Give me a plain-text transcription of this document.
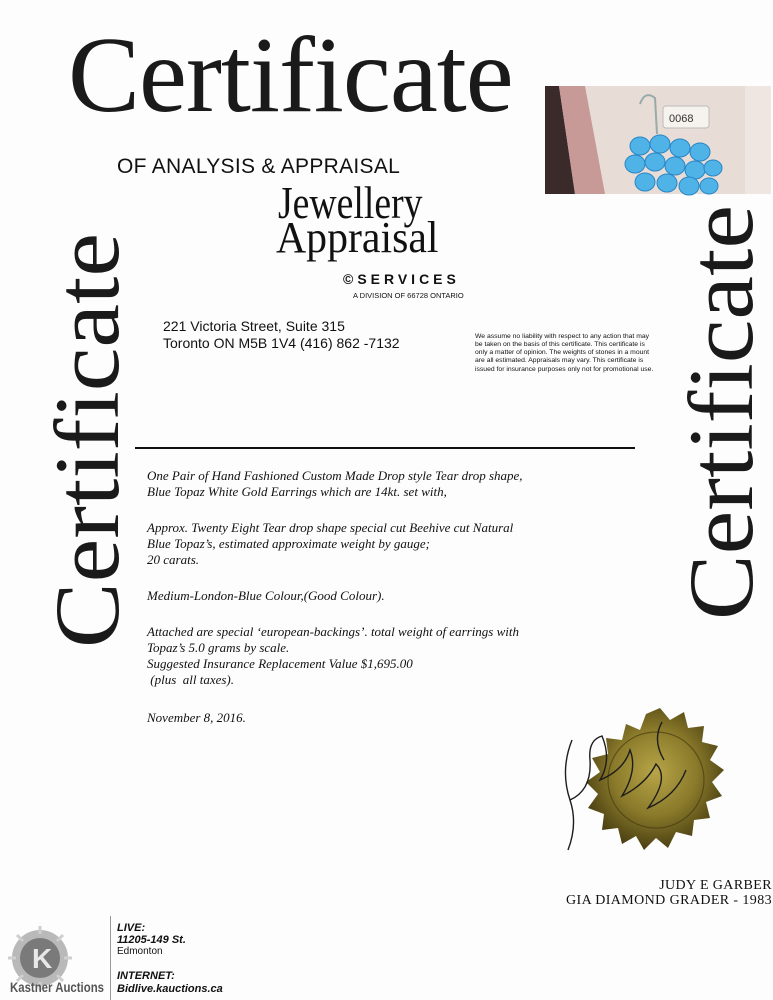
Certificate
OF ANALYSIS & APPRAISAL
Jewellery
Appraisal
©SERVICES
A DIVISION OF 66728 ONTARIO
0068
Certificate	Certificate
221 Victoria Street, Suite 315
Toronto ON M5B 1V4 (416) 862 -7132	We assume no liability with respect to any action that may be taken on the basis of this certificate. This certificate is only a matter of opinion. The weights of stones in a mount are all estimated. Appraisals may vary. This certificate is issued for insurance purposes only not for promotional use.
One Pair of Hand Fashioned Custom Made Drop style Tear drop shape,
Blue Topaz White Gold Earrings which are 14kt. set with,
Approx. Twenty Eight Tear drop shape special cut Beehive cut Natural
Blue Topaz’s, estimated approximate weight by gauge;
20 carats.
Medium-London-Blue Colour,(Good Colour).
Attached are special ‘european-backings’. total weight of earrings with
Topaz’s 5.0 grams by scale.
Suggested Insurance Replacement Value $1,695.00
(plus  all taxes).
November 8, 2016.
JUDY E GARBER
GIA DIAMOND GRADER - 1983
K
Kastner Auctions
LIVE:
11205-149 St.
Edmonton
INTERNET:
Bidlive.kauctions.ca
